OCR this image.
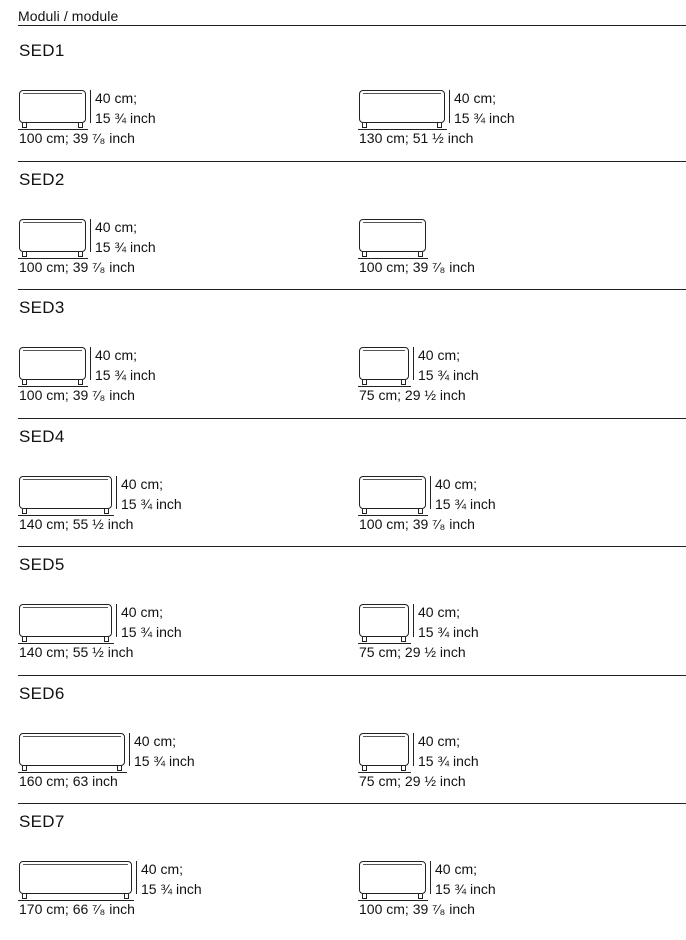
Moduli / module
SED1
40 cm;
15 ¾ inch
100 cm; 39 ⁷⁄₈ inch
40 cm;
15 ¾ inch
130 cm; 51 ½ inch
SED2
40 cm;
15 ¾ inch
100 cm; 39 ⁷⁄₈ inch	100 cm; 39 ⁷⁄₈ inch
SED3
40 cm;
15 ¾ inch
100 cm; 39 ⁷⁄₈ inch
40 cm;
15 ¾ inch
75 cm; 29 ½ inch
SED4
40 cm;
15 ¾ inch
140 cm; 55 ½ inch
40 cm;
15 ¾ inch
100 cm; 39 ⁷⁄₈ inch
SED5
40 cm;
15 ¾ inch
140 cm; 55 ½ inch
40 cm;
15 ¾ inch
75 cm; 29 ½ inch
SED6
40 cm;
15 ¾ inch
160 cm; 63 inch
40 cm;
15 ¾ inch
75 cm; 29 ½ inch
SED7
40 cm;
15 ¾ inch
170 cm; 66 ⁷⁄₈ inch
40 cm;
15 ¾ inch
100 cm; 39 ⁷⁄₈ inch
